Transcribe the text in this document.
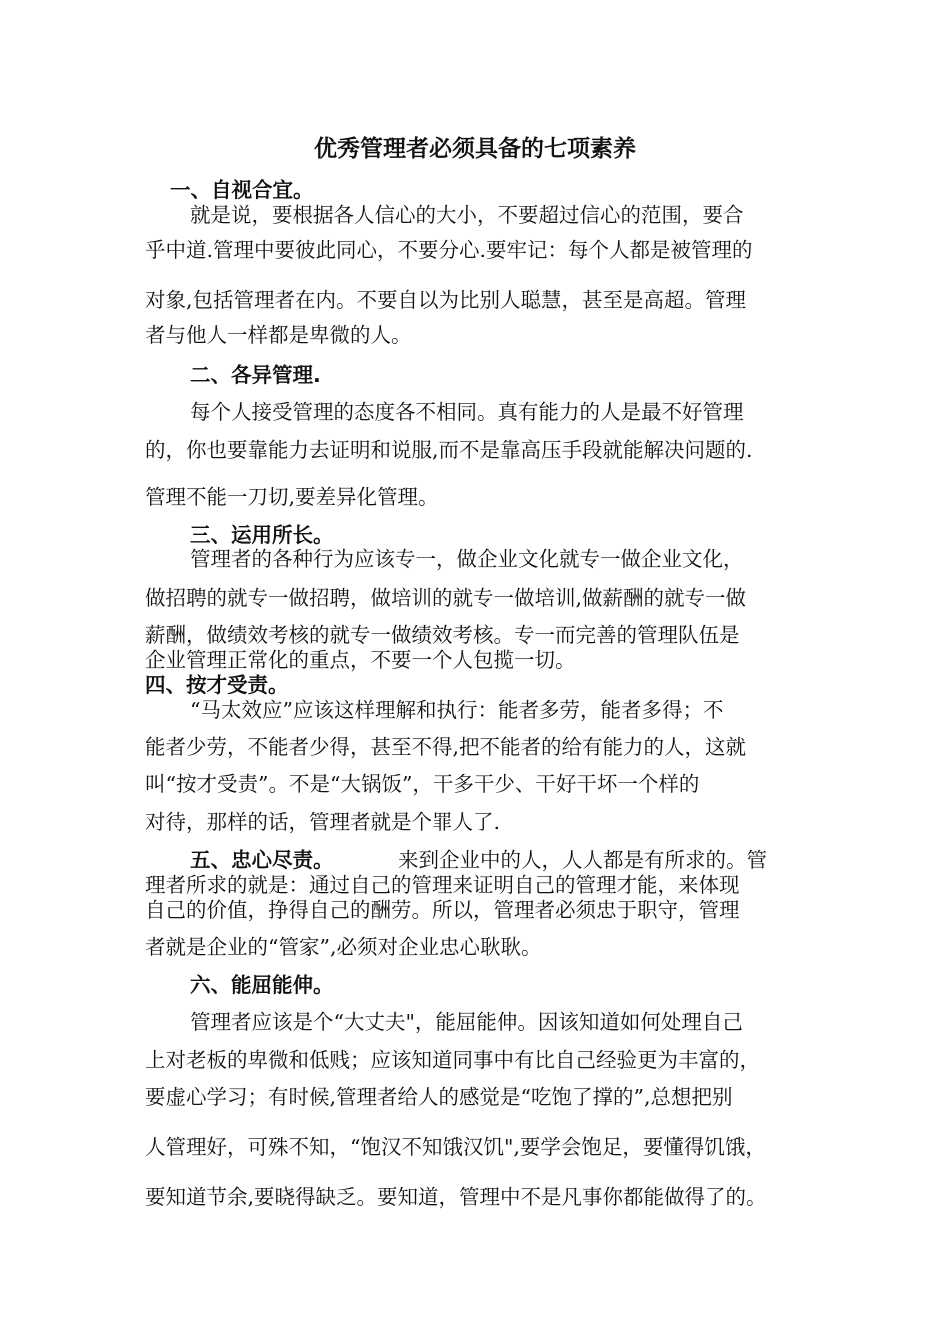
优秀管理者必须具备的七项素养
一、自视合宜。
就是说，要根据各人信心的大小，不要超过信心的范围，要合
乎中道.管理中要彼此同心，不要分心.要牢记：每个人都是被管理的
对象,包括管理者在内。不要自以为比别人聪慧，甚至是高超。管理
者与他人一样都是卑微的人。
二、各异管理.
每个人接受管理的态度各不相同。真有能力的人是最不好管理
的，你也要靠能力去证明和说服,而不是靠高压手段就能解决问题的.
管理不能一刀切,要差异化管理。
三、运用所长。
管理者的各种行为应该专一，做企业文化就专一做企业文化，
做招聘的就专一做招聘，做培训的就专一做培训,做薪酬的就专一做
薪酬，做绩效考核的就专一做绩效考核。专一而完善的管理队伍是
企业管理正常化的重点，不要一个人包揽一切。
四、按才受责。
“马太效应”应该这样理解和执行：能者多劳，能者多得；不
能者少劳，不能者少得，甚至不得,把不能者的给有能力的人，这就
叫“按才受责”。不是“大锅饭”，干多干少、干好干坏一个样的
对待，那样的话，管理者就是个罪人了.
五、忠心尽责。	来到企业中的人，人人都是有所求的。管
理者所求的就是：通过自己的管理来证明自己的管理才能，来体现
自己的价值，挣得自己的酬劳。所以，管理者必须忠于职守，管理
者就是企业的“管家”,必须对企业忠心耿耿。
六、能屈能伸。
管理者应该是个“大丈夫"，能屈能伸。因该知道如何处理自己
上对老板的卑微和低贱；应该知道同事中有比自己经验更为丰富的，
要虚心学习；有时候,管理者给人的感觉是“吃饱了撑的”,总想把别
人管理好，可殊不知，“饱汉不知饿汉饥",要学会饱足，要懂得饥饿，
要知道节余,要晓得缺乏。要知道，管理中不是凡事你都能做得了的。
